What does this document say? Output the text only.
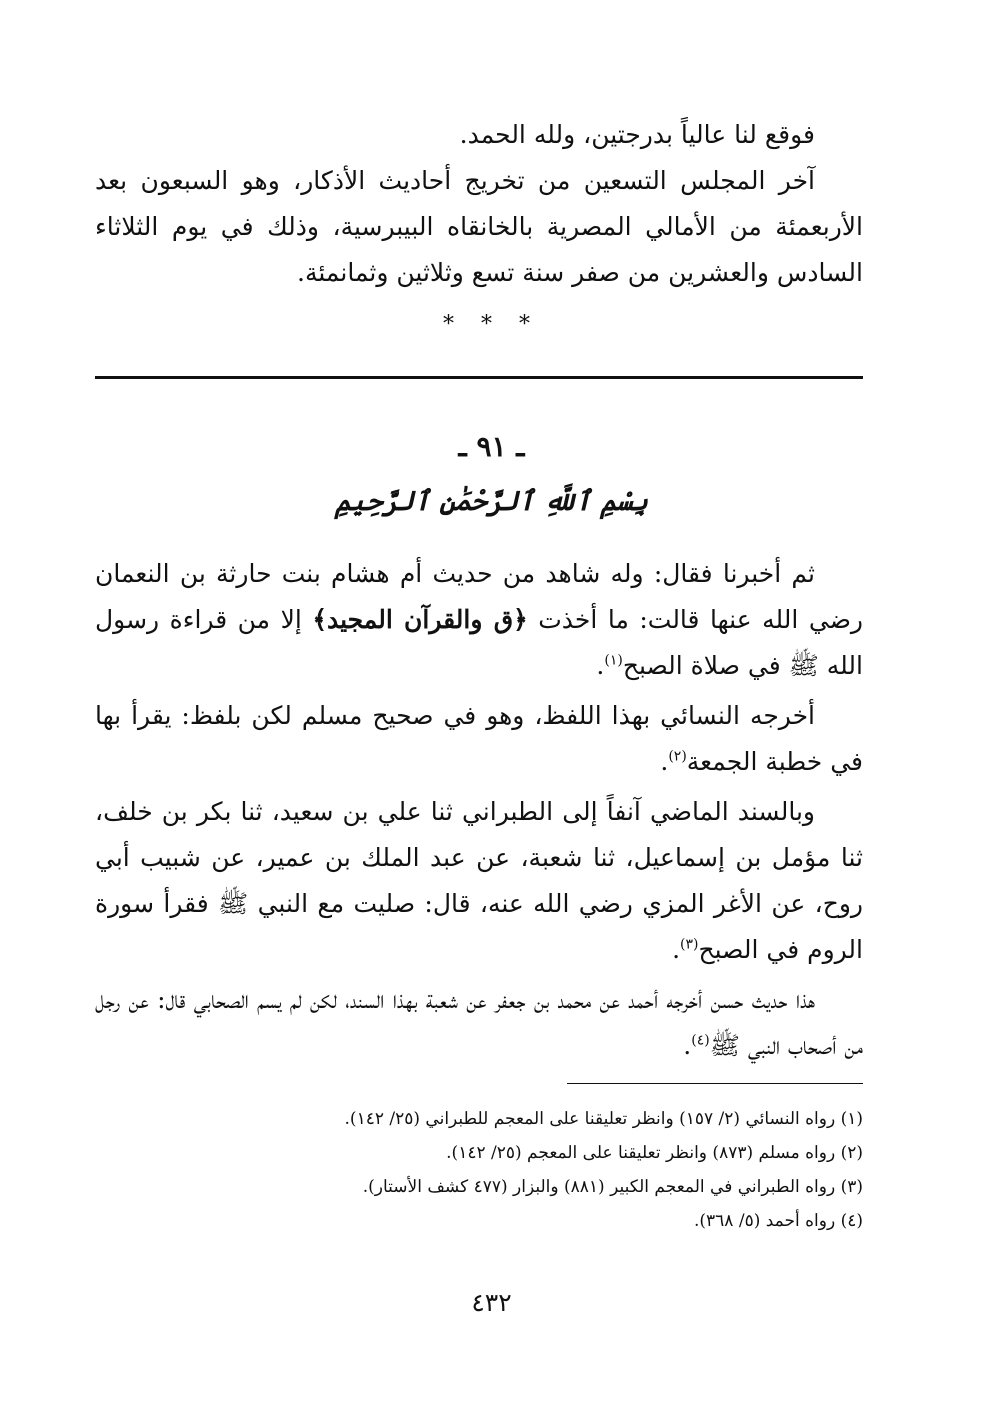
فوقع لنا عالياً بدرجتين، ولله الحمد.

آخر المجلس التسعين من تخريج أحاديث الأذكار، وهو السبعون بعد الأربعمئة من الأمالي المصرية بالخانقاه البيبرسية، وذلك في يوم الثلاثاء السادس والعشرين من صفر سنة تسع وثلاثين وثمانمئة.

* * *
ـ ٩١ ـ
بِسْمِ ٱللَّهِ ٱلرَّحْمَٰنِ ٱلرَّحِيمِ

ثم أخبرنا فقال: وله شاهد من حديث أم هشام بنت حارثة بن النعمان رضي الله عنها قالت: ما أخذت ﴿ق والقرآن المجيد﴾ إلا من قراءة رسول الله ﷺ في صلاة الصبح$^{(١)}$.

أخرجه النسائي بهذا اللفظ، وهو في صحيح مسلم لكن بلفظ: يقرأ بها في خطبة الجمعة$^{(٢)}$.

وبالسند الماضي آنفاً إلى الطبراني ثنا علي بن سعيد، ثنا بكر بن خلف، ثنا مؤمل بن إسماعيل، ثنا شعبة، عن عبد الملك بن عمير، عن شبيب أبي روح، عن الأغر المزي رضي الله عنه، قال: صليت مع النبي ﷺ فقرأ سورة الروم في الصبح$^{(٣)}$.

هذا حديث حسن أخرجه أحمد عن محمد بن جعفر عن شعبة بهذا السند، لكن لم يسم الصحابي قال: عن رجل من أصحاب النبي ﷺ$^{(٤)}$.

(١) رواه النسائي (٢/ ١٥٧) وانظر تعليقنا على المعجم للطبراني (٢٥/ ١٤٢).
(٢) رواه مسلم (٨٧٣) وانظر تعليقنا على المعجم (٢٥/ ١٤٢).
(٣) رواه الطبراني في المعجم الكبير (٨٨١) والبزار (٤٧٧ كشف الأستار).
(٤) رواه أحمد (٥/ ٣٦٨).
٤٣٢
